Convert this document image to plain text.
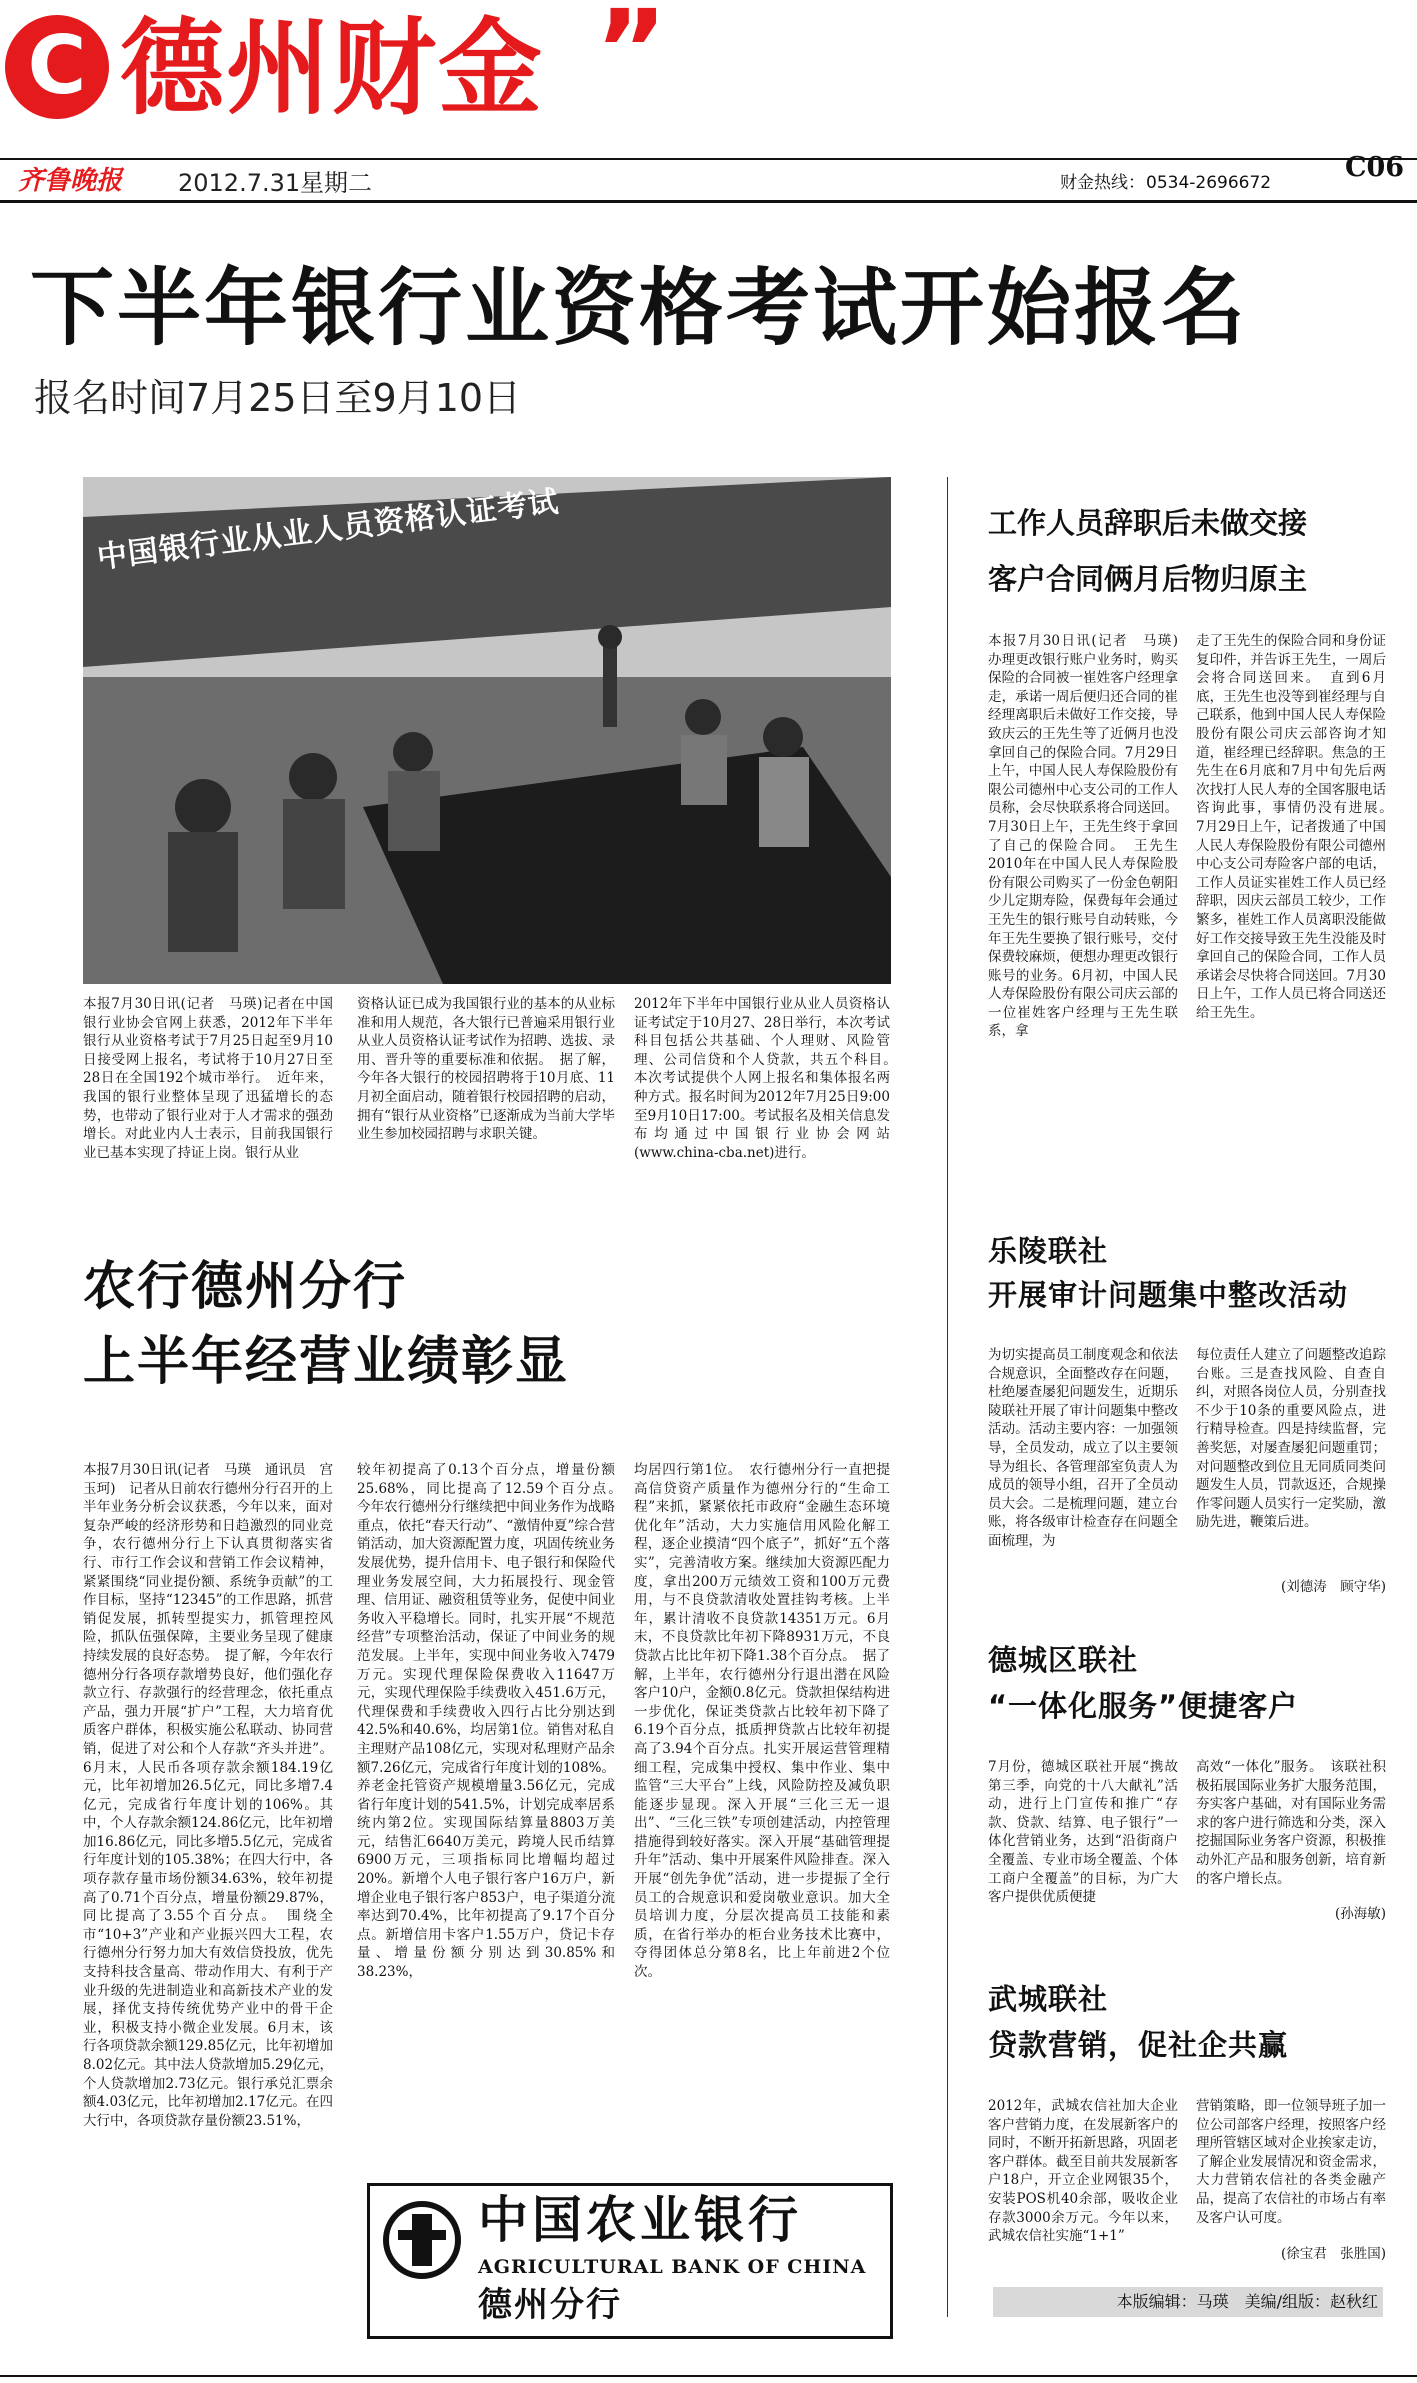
C 德州财金 ”
齐鲁晚报 2012.7.31 星期二	财金热线： 0534-2696672	C06
下半年银行业资格考试开始报名
报名时间7月25日至9月10日
中国银行业从业人员资格认证考试
本报7月30日讯(记者　马瑛)记者在中国银行业协会官网上获悉，2012年下半年银行从业资格考试于7月25日起至9月10日接受网上报名，考试将于10月27日至28日在全国192个城市举行。　近年来，我国的银行业整体呈现了迅猛增长的态势，也带动了银行业对于人才需求的强劲增长。对此业内人士表示，目前我国银行业已基本实现了持证上岗。银行从业
资格认证已成为我国银行业的基本的从业标准和用人规范，各大银行已普遍采用银行业从业人员资格认证考试作为招聘、选拔、录用、晋升等的重要标准和依据。　据了解，今年各大银行的校园招聘将于10月底、11月初全面启动，随着银行校园招聘的启动，拥有“银行从业资格”已逐渐成为当前大学毕业生参加校园招聘与求职关键。
2012年下半年中国银行业从业人员资格认证考试定于10月27、28日举行，本次考试科目包括公共基础、个人理财、风险管理、公司信贷和个人贷款，共五个科目。　本次考试提供个人网上报名和集体报名两种方式。报名时间为2012年7月25日9:00至9月10日17:00。考试报名及相关信息发布均通过中国银行业协会网站(www.china-cba.net)进行。
农行德州分行
上半年经营业绩彰显
本报7月30日讯(记者　马瑛　通讯员　宫玉珂)　记者从日前农行德州分行召开的上半年业务分析会议获悉，今年以来，面对复杂严峻的经济形势和日趋激烈的同业竞争，农行德州分行上下认真贯彻落实省行、市行工作会议和营销工作会议精神，紧紧围绕“同业提份额、系统争贡献”的工作目标，坚持“12345”的工作思路，抓营销促发展，抓转型提实力，抓管理控风险，抓队伍强保障，主要业务呈现了健康持续发展的良好态势。　提了解，今年农行德州分行各项存款增势良好，他们强化存款立行、存款强行的经营理念，依托重点产品，强力开展“扩户”工程，大力培育优质客户群体，积极实施公私联动、协同营销，促进了对公和个人存款“齐头并进”。6月末，人民币各项存款余额184.19亿元，比年初增加26.5亿元，同比多增7.4亿元，完成省行年度计划的106%。其中，个人存款余额124.86亿元，比年初增加16.86亿元，同比多增5.5亿元，完成省行年度计划的105.38%；在四大行中，各项存款存量市场份额34.63%，较年初提高了0.71个百分点，增量份额29.87%，同比提高了3.55个百分点。　围绕全市“10+3”产业和产业振兴四大工程，农行德州分行努力加大有效信贷投放，优先支持科技含量高、带动作用大、有利于产业升级的先进制造业和高新技术产业的发展，择优支持传统优势产业中的骨干企业，积极支持小微企业发展。6月末，该行各项贷款余额129.85亿元，比年初增加8.02亿元。其中法人贷款增加5.29亿元，个人贷款增加2.73亿元。银行承兑汇票余额4.03亿元，比年初增加2.17亿元。在四大行中，各项贷款存量份额23.51%，
较年初提高了0.13个百分点，增量份额25.68%，同比提高了12.59个百分点。　今年农行德州分行继续把中间业务作为战略重点，依托“春天行动”、“激情仲夏”综合营销活动，加大资源配置力度，巩固传统业务发展优势，提升信用卡、电子银行和保险代理业务发展空间，大力拓展投行、现金管理、信用证、融资租赁等业务，促使中间业务收入平稳增长。同时，扎实开展“不规范经营”专项整治活动，保证了中间业务的规范发展。上半年，实现中间业务收入7479万元。实现代理保险保费收入11647万元，实现代理保险手续费收入451.6万元，代理保费和手续费收入四行占比分别达到42.5%和40.6%，均居第1位。销售对私自主理财产品108亿元，实现对私理财产品余额7.26亿元，完成省行年度计划的108%。养老金托管资产规模增量3.56亿元，完成省行年度计划的541.5%，计划完成率居系统内第2位。实现国际结算量8803万美元，结售汇6640万美元，跨境人民币结算6900万元，三项指标同比增幅均超过20%。新增个人电子银行客户16万户，新增企业电子银行客户853户，电子渠道分流率达到70.4%，比年初提高了9.17个百分点。新增信用卡客户1.55万户，贷记卡存量、增量份额分别达到30.85%和38.23%，
均居四行第1位。　农行德州分行一直把提高信贷资产质量作为德州分行的“生命工程”来抓，紧紧依托市政府“金融生态环境优化年”活动，大力实施信用风险化解工程，逐企业摸清“四个底子”，抓好“五个落实”，完善清收方案。继续加大资源匹配力度，拿出200万元绩效工资和100万元费用，与不良贷款清收处置挂钩考核。上半年，累计清收不良贷款14351万元。6月末，不良贷款比年初下降8931万元，不良贷款占比比年初下降1.38个百分点。　据了解，上半年，农行德州分行退出潜在风险客户10户，金额0.8亿元。贷款担保结构进一步优化，保证类贷款占比较年初下降了6.19个百分点，抵质押贷款占比较年初提高了3.94个百分点。扎实开展运营管理精细工程，完成集中授权、集中作业、集中监管“三大平台”上线，风险防控及减负职能逐步显现。深入开展“三化三无一退出”、“三化三铁”专项创建活动，内控管理措施得到较好落实。深入开展“基础管理提升年”活动、集中开展案件风险排查。深入开展“创先争优”活动，进一步提振了全行员工的合规意识和爱岗敬业意识。加大全员培训力度，分层次提高员工技能和素质，在省行举办的柜台业务技术比赛中，夺得团体总分第8名，比上年前进2个位次。
中国农业银行
AGRICULTURAL BANK OF CHINA
德州分行
工作人员辞职后未做交接
客户合同俩月后物归原主
本报7月30日讯(记者　马瑛)　办理更改银行账户业务时，购买保险的合同被一崔姓客户经理拿走，承诺一周后便归还合同的崔经理离职后未做好工作交接，导致庆云的王先生等了近俩月也没拿回自己的保险合同。7月29日上午，中国人民人寿保险股份有限公司德州中心支公司的工作人员称，会尽快联系将合同送回。7月30日上午，王先生终于拿回了自己的保险合同。　王先生2010年在中国人民人寿保险股份有限公司购买了一份金色朝阳少儿定期寿险，保费每年会通过王先生的银行账号自动转账，今年王先生要换了银行账号，交付保费较麻烦，便想办理更改银行账号的业务。6月初，中国人民人寿保险股份有限公司庆云部的一位崔姓客户经理与王先生联系，拿
走了王先生的保险合同和身份证复印件，并告诉王先生，一周后会将合同送回来。　直到6月底，王先生也没等到崔经理与自己联系，他到中国人民人寿保险股份有限公司庆云部咨询才知道，崔经理已经辞职。焦急的王先生在6月底和7月中旬先后两次找打人民人寿的全国客服电话咨询此事，事情仍没有进展。　7月29日上午，记者拨通了中国人民人寿保险股份有限公司德州中心支公司寿险客户部的电话，工作人员证实崔姓工作人员已经辞职，因庆云部员工较少，工作繁多，崔姓工作人员离职没能做好工作交接导致王先生没能及时拿回自己的保险合同，工作人员承诺会尽快将合同送回。7月30日上午，工作人员已将合同送还给王先生。
乐陵联社
开展审计问题集中整改活动
为切实提高员工制度观念和依法合规意识，全面整改存在问题，杜绝屡查屡犯问题发生，近期乐陵联社开展了审计问题集中整改活动。活动主要内容：一加强领导，全员发动，成立了以主要领导为组长、各管理部室负责人为成员的领导小组，召开了全员动员大会。二是梳理问题，建立台账，将各级审计检查存在问题全面梳理，为
每位责任人建立了问题整改追踪台账。三是查找风险、自查自纠，对照各岗位人员，分别查找不少于10条的重要风险点，进行精导检查。四是持续监督，完善奖惩，对屡查屡犯问题重罚；对问题整改到位且无同质同类问题发生人员，罚款返还，合规操作零问题人员实行一定奖励，激励先进，鞭策后进。
(刘德涛　顾守华)
德城区联社
“一体化服务”便捷客户
7月份，德城区联社开展“携故第三季，向党的十八大献礼”活动，进行上门宣传和推广“存款、贷款、结算、电子银行”一体化营销业务，达到“沿街商户全覆盖、专业市场全覆盖、个体工商户全覆盖”的目标，为广大客户提供优质便捷
高效“一体化”服务。　该联社积极拓展国际业务扩大服务范围，夯实客户基础，对有国际业务需求的客户进行筛选和分类，深入挖掘国际业务客户资源，积极推动外汇产品和服务创新，培育新的客户增长点。
(孙海敏)
武城联社
贷款营销，促社企共赢
2012年，武城农信社加大企业客户营销力度，在发展新客户的同时，不断开拓新思路，巩固老客户群体。截至目前共发展新客户18户，开立企业网银35个，安装POS机40余部，吸收企业存款3000余万元。今年以来，武城农信社实施“1+1”
营销策略，即一位领导班子加一位公司部客户经理，按照客户经理所管辖区域对企业挨家走访，了解企业发展情况和资金需求，大力营销农信社的各类金融产品，提高了农信社的市场占有率及客户认可度。
(徐宝君　张胜国)
本版编辑：马瑛　美编/组版：赵秋红
